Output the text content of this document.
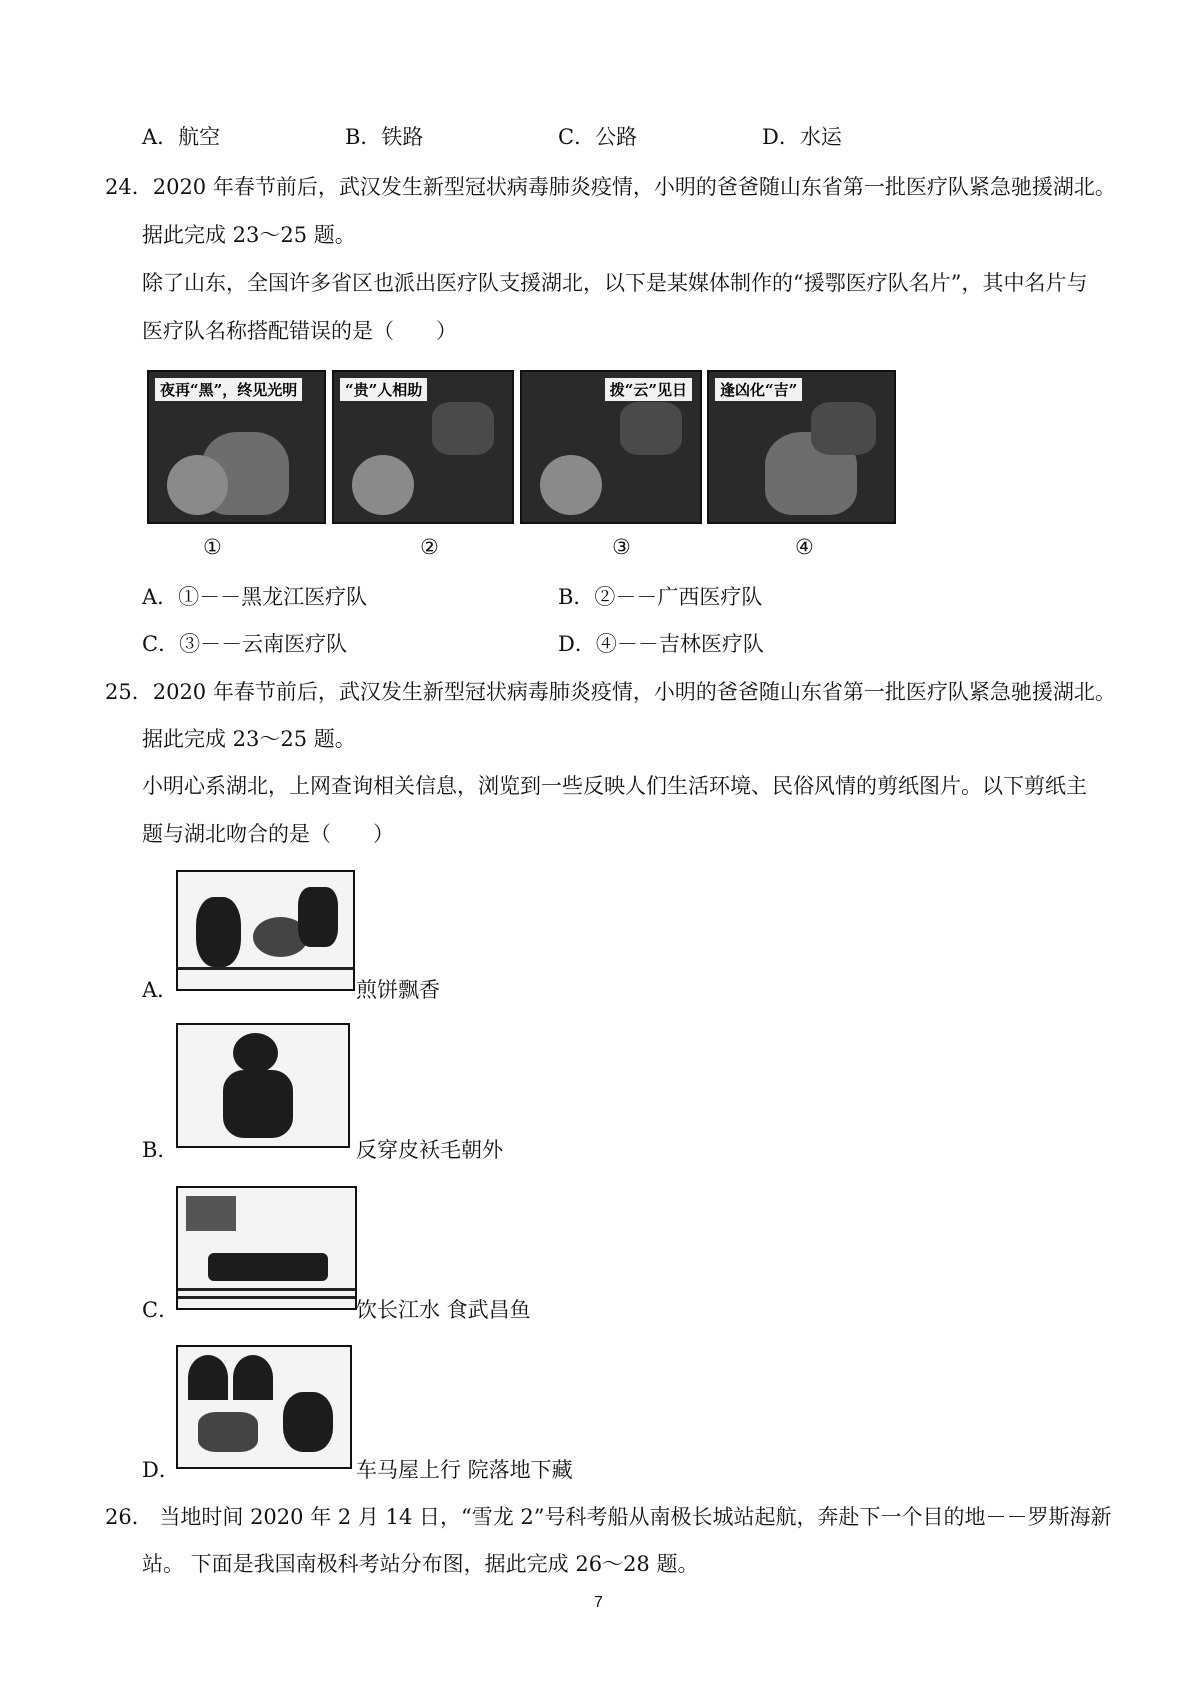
A．航空	B．铁路	C．公路	D．水运
24．2020 年春节前后，武汉发生新型冠状病毒肺炎疫情，小明的爸爸随山东省第一批医疗队紧急驰援湖北。
据此完成 23～25 题。
除了山东，全国许多省区也派出医疗队支援湖北，以下是某媒体制作的“援鄂医疗队名片”，其中名片与
医疗队名称搭配错误的是（　　）
夜再“黑”，终见光明	“贵”人相助	拨“云”见日	逢凶化“吉”
①	②	③	④
A．①－－黑龙江医疗队	B．②－－广西医疗队
C．③－－云南医疗队	D．④－－吉林医疗队
25．2020 年春节前后，武汉发生新型冠状病毒肺炎疫情，小明的爸爸随山东省第一批医疗队紧急驰援湖北。
据此完成 23～25 题。
小明心系湖北，上网查询相关信息，浏览到一些反映人们生活环境、民俗风情的剪纸图片。以下剪纸主
题与湖北吻合的是（　　）
A．	煎饼飘香
B．	反穿皮袄毛朝外
C．	饮长江水 食武昌鱼
D．	车马屋上行 院落地下藏
26． 当地时间 2020 年 2 月 14 日，“雪龙 2”号科考船从南极长城站起航，奔赴下一个目的地－－罗斯海新
站。 下面是我国南极科考站分布图，据此完成 26～28 题。
7
